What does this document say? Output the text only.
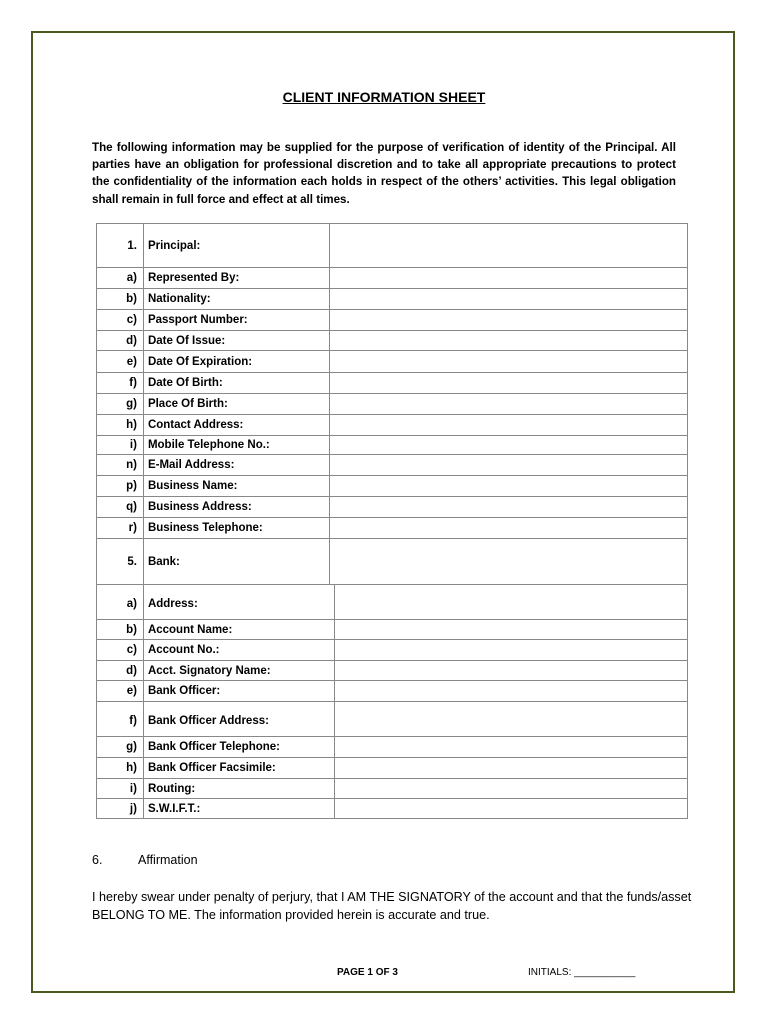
CLIENT INFORMATION SHEET
The following information may be supplied for the purpose of verification of identity of the Principal. All parties have an obligation for professional discretion and to take all appropriate precautions to protect the confidentiality of the information each holds in respect of the others’ activities. This legal obligation shall remain in full force and effect at all times.
1.	Principal:	
a)	Represented By:	
b)	Nationality:	
c)	Passport Number:	
d)	Date Of Issue:	
e)	Date Of Expiration:	
f)	Date Of Birth:	
g)	Place Of Birth:	
h)	Contact Address:	
i)	Mobile Telephone No.:	
n)	E-Mail Address:	
p)	Business Name:	
q)	Business Address:	
r)	Business Telephone:	
5.	Bank:	
a)	Address:	
b)	Account Name:	
c)	Account No.:	
d)	Acct. Signatory Name:	
e)	Bank Officer:	
f)	Bank Officer Address:	
g)	Bank Officer Telephone:	
h)	Bank Officer Facsimile:	
i)	Routing:	
j)	S.W.I.F.T.:	
6.	Affirmation
I hereby swear under penalty of perjury, that I AM THE SIGNATORY of the account and that the funds/asset BELONG TO ME. The information provided herein is accurate and true.
PAGE 1 OF 3	INITIALS: ___________
